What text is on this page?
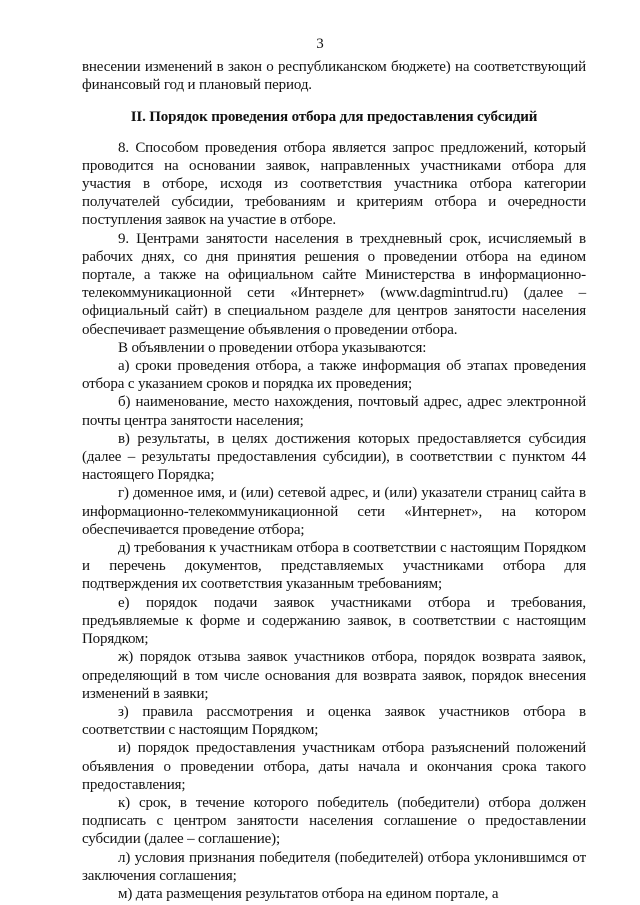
3

внесении изменений в закон о республиканском бюджете) на соответствующий финансовый год и плановый период.

II. Порядок проведения отбора для предоставления субсидий

8. Способом проведения отбора является запрос предложений, который проводится на основании заявок, направленных участниками отбора для участия в отборе, исходя из соответствия участника отбора категории получателей субсидии, требованиям и критериям отбора и очередности поступления заявок на участие в отборе.

9. Центрами занятости населения в трехдневный срок, исчисляемый в рабочих днях, со дня принятия решения о проведении отбора на едином портале, а также на официальном сайте Министерства в информационно-телекоммуникационной сети «Интернет» (www.dagmintrud.ru) (далее – официальный сайт) в специальном разделе для центров занятости населения обеспечивает размещение объявления о проведении отбора.

В объявлении о проведении отбора указываются:

а) сроки проведения отбора, а также информация об этапах проведения отбора с указанием сроков и порядка их проведения;

б) наименование, место нахождения, почтовый адрес, адрес электронной почты центра занятости населения;

в) результаты, в целях достижения которых предоставляется субсидия (далее – результаты предоставления субсидии), в соответствии с пунктом 44 настоящего Порядка;

г) доменное имя, и (или) сетевой адрес, и (или) указатели страниц сайта в информационно-телекоммуникационной сети «Интернет», на котором обеспечивается проведение отбора;

д) требования к участникам отбора в соответствии с настоящим Порядком и перечень документов, представляемых участниками отбора для подтверждения их соответствия указанным требованиям;

е) порядок подачи заявок участниками отбора и требования, предъявляемые к форме и содержанию заявок, в соответствии с настоящим Порядком;

ж) порядок отзыва заявок участников отбора, порядок возврата заявок, определяющий в том числе основания для возврата заявок, порядок внесения изменений в заявки;

з) правила рассмотрения и оценка заявок участников отбора в соответствии с настоящим Порядком;

и) порядок предоставления участникам отбора разъяснений положений объявления о проведении отбора, даты начала и окончания срока такого предоставления;

к) срок, в течение которого победитель (победители) отбора должен подписать с центром занятости населения соглашение о предоставлении субсидии (далее – соглашение);

л) условия признания победителя (победителей) отбора уклонившимся от заключения соглашения;

м) дата размещения результатов отбора на едином портале, а
